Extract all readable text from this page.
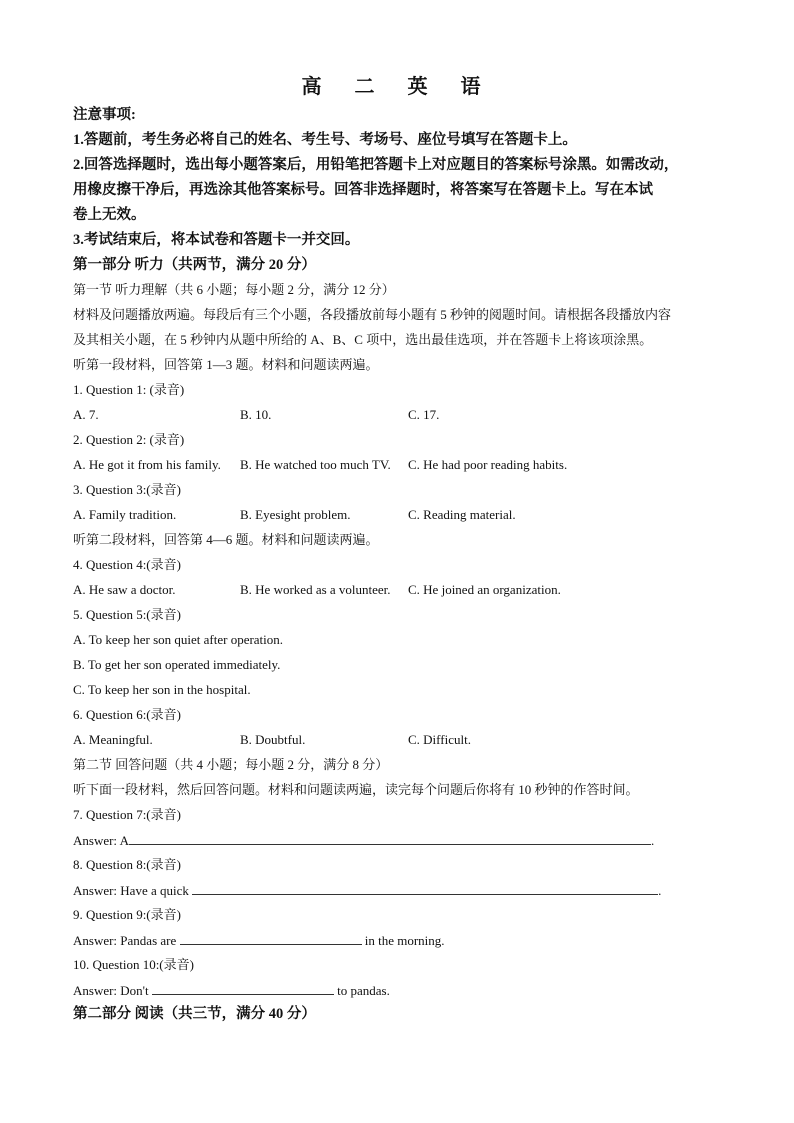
高 二 英 语
注意事项:
1.答题前，考生务必将自己的姓名、考生号、考场号、座位号填写在答题卡上。
2.回答选择题时，选出每小题答案后，用铅笔把答题卡上对应题目的答案标号涂黑。如需改动，
用橡皮擦干净后，再选涂其他答案标号。回答非选择题时，将答案写在答题卡上。写在本试
卷上无效。
3.考试结束后，将本试卷和答题卡一并交回。
第一部分 听力（共两节，满分 20 分）
第一节 听力理解（共 6 小题；每小题 2 分，满分 12 分）
材料及问题播放两遍。每段后有三个小题，各段播放前每小题有 5 秒钟的阅题时间。请根据各段播放内容
及其相关小题，在 5 秒钟内从题中所给的 A、B、C 项中，选出最佳选项，并在答题卡上将该项涂黑。
听第一段材料，回答第 1—3 题。材料和问题读两遍。
1. Question 1: (录音)
A. 7.	B. 10.	C. 17.
2. Question 2: (录音)
A. He got it from his family. B. He watched too much TV. C. He had poor reading habits.
3. Question 3:(录音)
A. Family tradition.	B. Eyesight problem.	C. Reading material.
听第二段材料，回答第 4—6 题。材料和问题读两遍。
4. Question 4:(录音)
A. He saw a doctor.	B. He worked as a volunteer. C. He joined an organization.
5. Question 5:(录音)
A. To keep her son quiet after operation.
B. To get her son operated immediately.
C. To keep her son in the hospital.
6. Question 6:(录音)
A. Meaningful.	B. Doubtful.	C. Difficult.
第二节 回答问题（共 4 小题；每小题 2 分，满分 8 分）
听下面一段材料，然后回答问题。材料和问题读两遍，读完每个问题后你将有 10 秒钟的作答时间。
7. Question 7:(录音)
Answer: A	.
8. Question 8:(录音)
Answer: Have a quick	.
9. Question 9:(录音)
Answer: Pandas are	in the morning.
10. Question 10:(录音)
Answer: Don't	to pandas.
第二部分 阅读（共三节，满分 40 分）
